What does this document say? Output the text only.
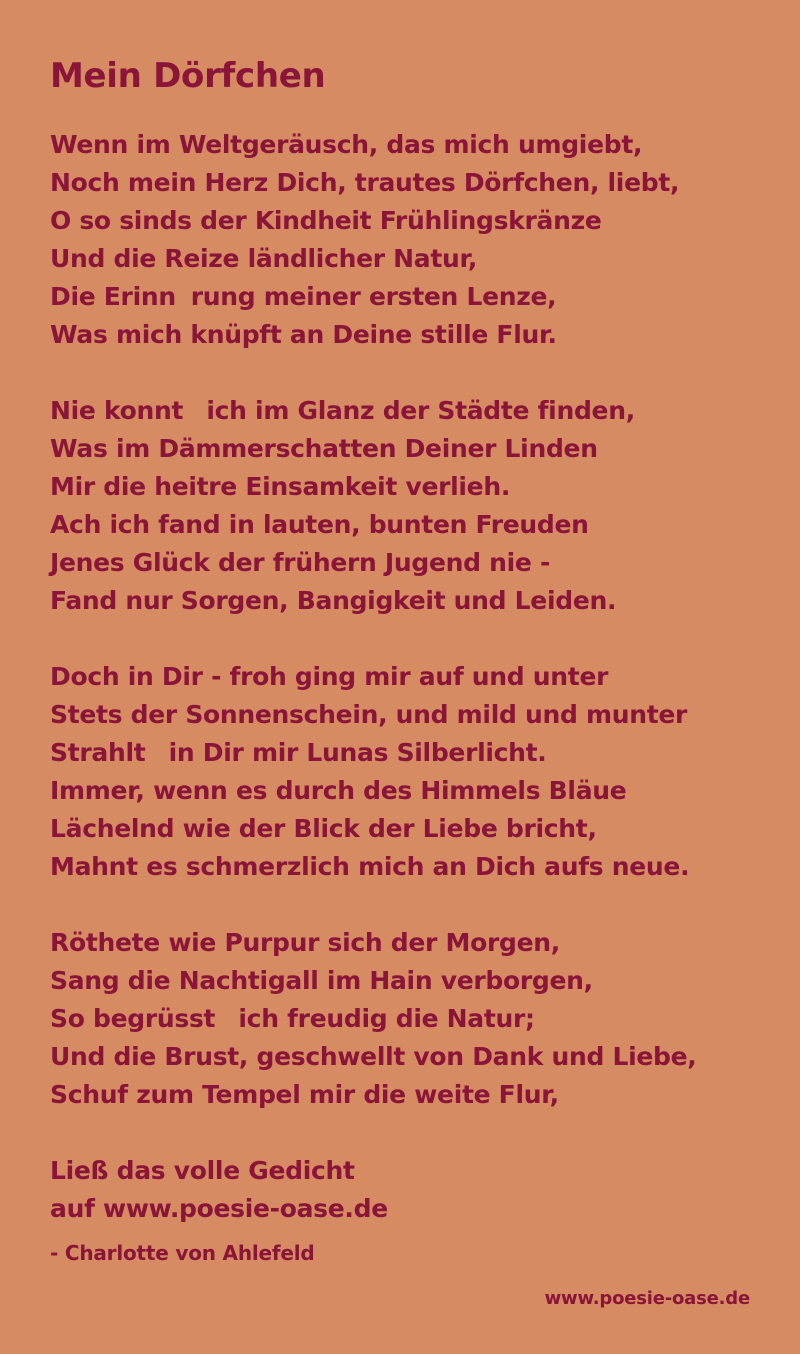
Mein Dörfchen
Wenn im Weltgeräusch, das mich umgiebt,
Noch mein Herz Dich, trautes Dörfchen, liebt,
O so sinds der Kindheit Frühlingskränze
Und die Reize ländlicher Natur,
Die Erinnrung meiner ersten Lenze,
Was mich knüpft an Deine stille Flur.
Nie konnt ich im Glanz der Städte finden,
Was im Dämmerschatten Deiner Linden
Mir die heitre Einsamkeit verlieh.
Ach ich fand in lauten, bunten Freuden
Jenes Glück der frühern Jugend nie -
Fand nur Sorgen, Bangigkeit und Leiden.
Doch in Dir - froh ging mir auf und unter
Stets der Sonnenschein, und mild und munter
Strahlt in Dir mir Lunas Silberlicht.
Immer, wenn es durch des Himmels Bläue
Lächelnd wie der Blick der Liebe bricht,
Mahnt es schmerzlich mich an Dich aufs neue.
Röthete wie Purpur sich der Morgen,
Sang die Nachtigall im Hain verborgen,
So begrüsst ich freudig die Natur;
Und die Brust, geschwellt von Dank und Liebe,
Schuf zum Tempel mir die weite Flur,
Ließ das volle Gedicht
auf www.poesie-oase.de
- Charlotte von Ahlefeld
www.poesie-oase.de
